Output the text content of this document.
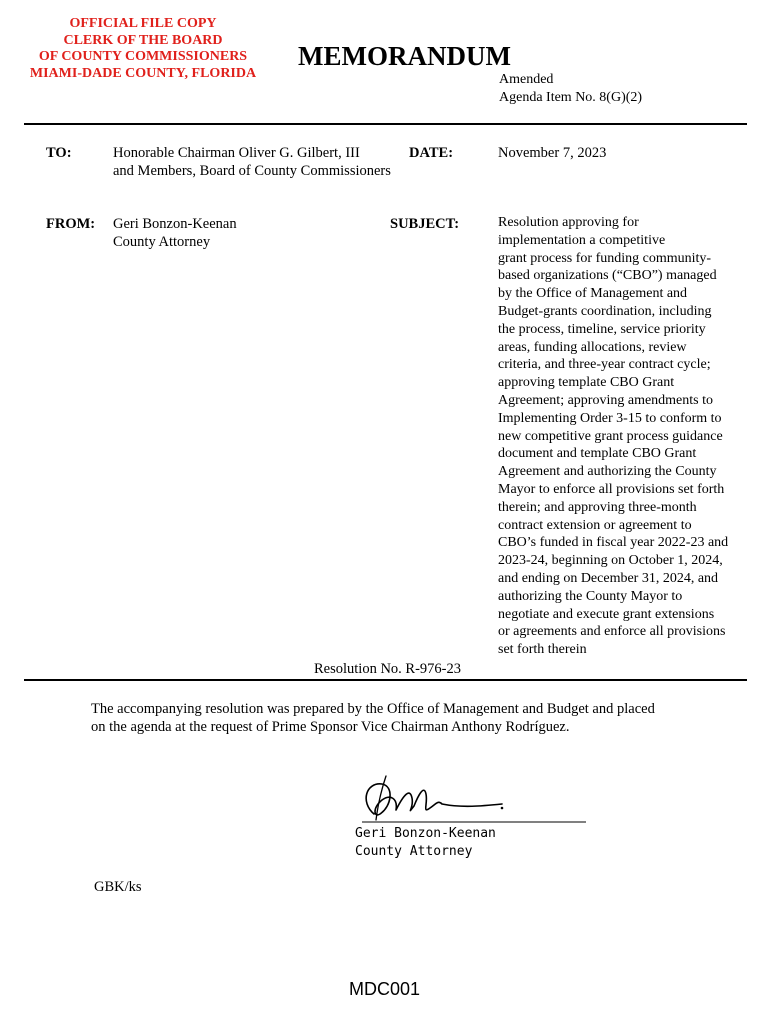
OFFICIAL FILE COPY
CLERK OF THE BOARD
OF COUNTY COMMISSIONERS
MIAMI-DADE COUNTY, FLORIDA
MEMORANDUM
Amended
Agenda Item No. 8(G)(2)
TO:	Honorable Chairman Oliver G. Gilbert, III
and Members, Board of County Commissioners
DATE:	November 7, 2023
FROM: Geri Bonzon-Keenan
County Attorney
SUBJECT:	Resolution approving for
implementation a competitive
grant process for funding community-
based organizations (“CBO”) managed
by the Office of Management and
Budget-grants coordination, including
the process, timeline, service priority
areas, funding allocations, review
criteria, and three-year contract cycle;
approving template CBO Grant
Agreement; approving amendments to
Implementing Order 3-15 to conform to
new competitive grant process guidance
document and template CBO Grant
Agreement and authorizing the County
Mayor to enforce all provisions set forth
therein; and approving three-month
contract extension or agreement to
CBO’s funded in fiscal year 2022-23 and
2023-24, beginning on October 1, 2024,
and ending on December 31, 2024, and
authorizing the County Mayor to
negotiate and execute grant extensions
or agreements and enforce all provisions
set forth therein
Resolution No. R-976-23
The accompanying resolution was prepared by the Office of Management and Budget and placed
on the agenda at the request of Prime Sponsor Vice Chairman Anthony Rodríguez.
Geri Bonzon-Keenan
County Attorney
GBK/ks
MDC001
